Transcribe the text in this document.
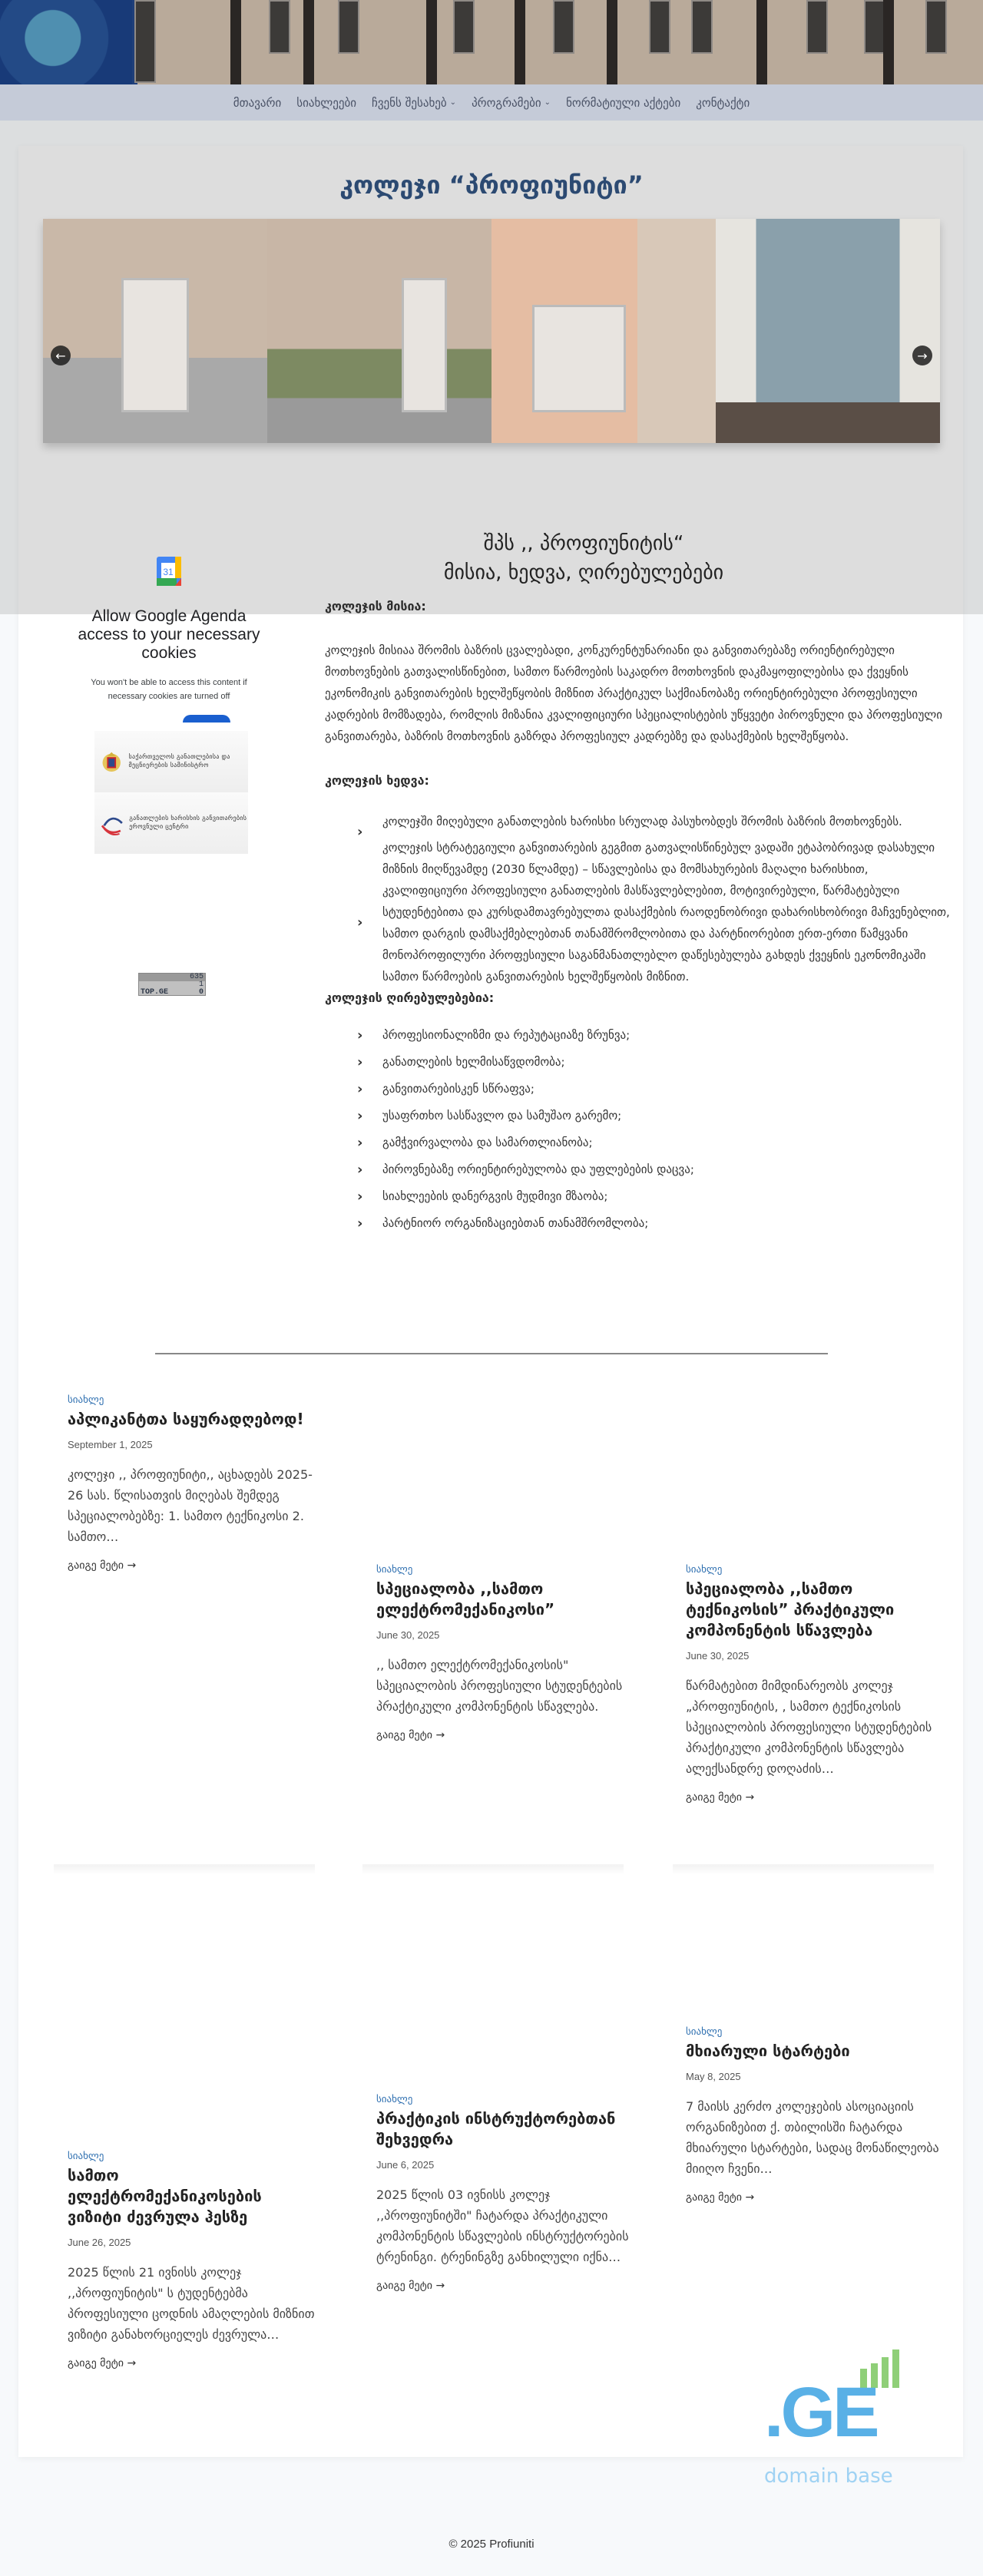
მთავარი სიახლეები ჩვენს შესახებ ⌄ პროგრამები ⌄ ნორმატიული აქტები კონტაქტი
კოლეჯი “პროფიუნიტი”
←	→
შპს ,, პროფიუნიტის“
მისია, ხედვა, ღირებულებები
31
Allow Google Agenda access to your necessary cookies
You won't be able to access this content if necessary cookies are turned off
საქართველოს განათლებისა და მეცნიერების სამინისტრო
განათლების ხარისხის განვითარების ეროვნული ცენტრი
635
1
TOP.GE	0
კოლეჯის მისია:

კოლეჯის მისიაა შრომის ბაზრის ცვალებადი, კონკურენტუნარიანი და განვითარებაზე ორიენტირებული მოთხოვნების გათვალისწინებით, სამთო წარმოების საკადრო მოთხოვნის დაკმაყოფილებისა და ქვეყნის ეკონომიკის განვითარების ხელშეწყობის მიზნით პრაქტიკულ საქმიანობაზე ორიენტირებული პროფესიული კადრების მომზადება, რომლის მიზანია კვალიფიციური სპეციალისტების უწყვეტი პიროვნული და პროფესიული განვითარება, ბაზრის მოთხოვნის გაზრდა პროფესიულ კადრებზე და დასაქმების ხელშეწყობა.

კოლეჯის ხედვა:
›
კოლეჯში მიღებული განათლების ხარისხი სრულად პასუხობდეს შრომის ბაზრის მოთხოვნებს.
›
კოლეჯის სტრატეგიული განვითარების გეგმით გათვალისწინებულ ვადაში ეტაპობრივად დასახული მიზნის მიღწევამდე (2030 წლამდე) – სწავლებისა და მომსახურების მაღალი ხარისხით, კვალიფიციური პროფესიული განათლების მასწავლებლებით, მოტივირებული, წარმატებული სტუდენტებითა და კურსდამთავრებულთა დასაქმების რაოდენობრივი დახარისხობრივი მაჩვენებლით, სამთო დარგის დამსაქმებლებთან თანამშრომლობითა და პარტნიორებით ერთ-ერთი წამყვანი მონოპროფილური პროფესიული საგანმანათლებლო დაწესებულება გახდეს ქვეყნის ეკონომიკაში სამთო წარმოების განვითარების ხელშეწყობის მიზნით.
კოლეჯის ღირებულებებია:
› პროფესიონალიზმი და რეპუტაციაზე ზრუნვა;
› განათლების ხელმისაწვდომობა;
› განვითარებისკენ სწრაფვა;
› უსაფრთხო სასწავლო და სამუშაო გარემო;
› გამჭვირვალობა და სამართლიანობა;
› პიროვნებაზე ორიენტირებულობა და უფლებების დაცვა;
› სიახლეების დანერგვის მუდმივი მზაობა;
› პარტნიორ ორგანიზაციებთან თანამშრომლობა;
სიახლე
აპლიკანტთა საყურადღებოდ!
September 1, 2025

კოლეჯი ,, პროფიუნიტი,, აცხადებს 2025-26 სას. წლისათვის მიღებას შემდეგ სპეციალობებზე: 1. სამთო ტექნიკოსი 2. სამთო…

გაიგე მეტი →	სიახლე
სპეციალობა ,,სამთო ელექტრომექანიკოსი”
June 30, 2025

,, სამთო ელექტრომექანიკოსის" სპეციალობის პროფესიული სტუდენტების პრაქტიკული კომპონენტის სწავლება.

გაიგე მეტი →
სიახლე
სპეციალობა ,,სამთო ტექნიკოსის” პრაქტიკული კომპონენტის სწავლება
June 30, 2025

წარმატებით მიმდინარეობს კოლეჯ „პროფიუნიტის, , სამთო ტექნიკოსის სპეციალობის პროფესიული სტუდენტების პრაქტიკული კომპონენტის სწავლება ალექსანდრე დოღაძის…

გაიგე მეტი →
სიახლე
სამთო ელექტრომექანიკოსების ვიზიტი ძევრულა ჰესზე
June 26, 2025

2025 წლის 21 ივნისს კოლეჯ ,,პროფიუნიტის" ს ტუდენტებმა პროფესიული ცოდნის ამაღლების მიზნით ვიზიტი განახორციელეს ძევრულა…

გაიგე მეტი →
სიახლე
პრაქტიკის ინსტრუქტორებთან შეხვედრა
June 6, 2025

2025 წლის 03 ივნისს კოლეჯ ,,პროფიუნიტში" ჩატარდა პრაქტიკული კომპონენტის სწავლების ინსტრუქტორების ტრენინგი. ტრენინგზე განხილული იქნა…

გაიგე მეტი →
სიახლე
მხიარული სტარტები
May 8, 2025

7 მაისს კერძო კოლეჯების ასოციაციის ორგანიზებით ქ. თბილისში ჩატარდა მხიარული სტარტები, სადაც მონაწილეობა მიიღო ჩვენი…

გაიგე მეტი →
.GE
domain base
© 2025 Profiuniti
